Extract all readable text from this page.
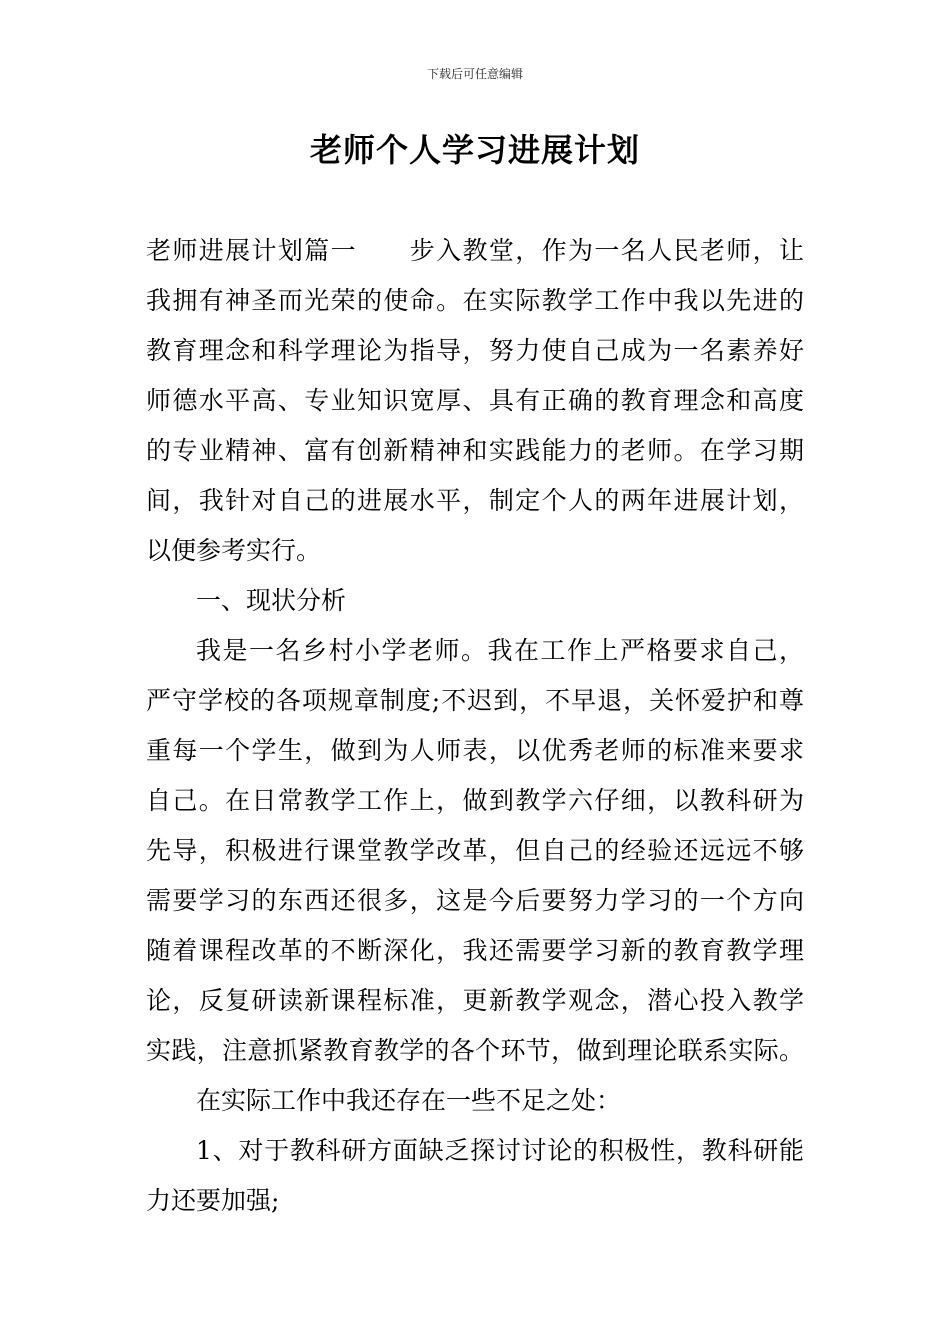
下载后可任意编辑
老师个人学习进展计划
老师进展计划篇一　　步入教堂，作为一名人民老师，让
我拥有神圣而光荣的使命。在实际教学工作中我以先进的
教育理念和科学理论为指导，努力使自己成为一名素养好
师德水平高、专业知识宽厚、具有正确的教育理念和高度
的专业精神、富有创新精神和实践能力的老师。在学习期
间，我针对自己的进展水平，制定个人的两年进展计划，
以便参考实行。
一、现状分析
我是一名乡村小学老师。我在工作上严格要求自己，
严守学校的各项规章制度;不迟到，不早退，关怀爱护和尊
重每一个学生，做到为人师表，以优秀老师的标准来要求
自己。在日常教学工作上，做到教学六仔细，以教科研为
先导，积极进行课堂教学改革，但自己的经验还远远不够
需要学习的东西还很多，这是今后要努力学习的一个方向
随着课程改革的不断深化，我还需要学习新的教育教学理
论，反复研读新课程标准，更新教学观念，潜心投入教学
实践，注意抓紧教育教学的各个环节，做到理论联系实际。
在实际工作中我还存在一些不足之处：
1、对于教科研方面缺乏探讨讨论的积极性，教科研能
力还要加强;
